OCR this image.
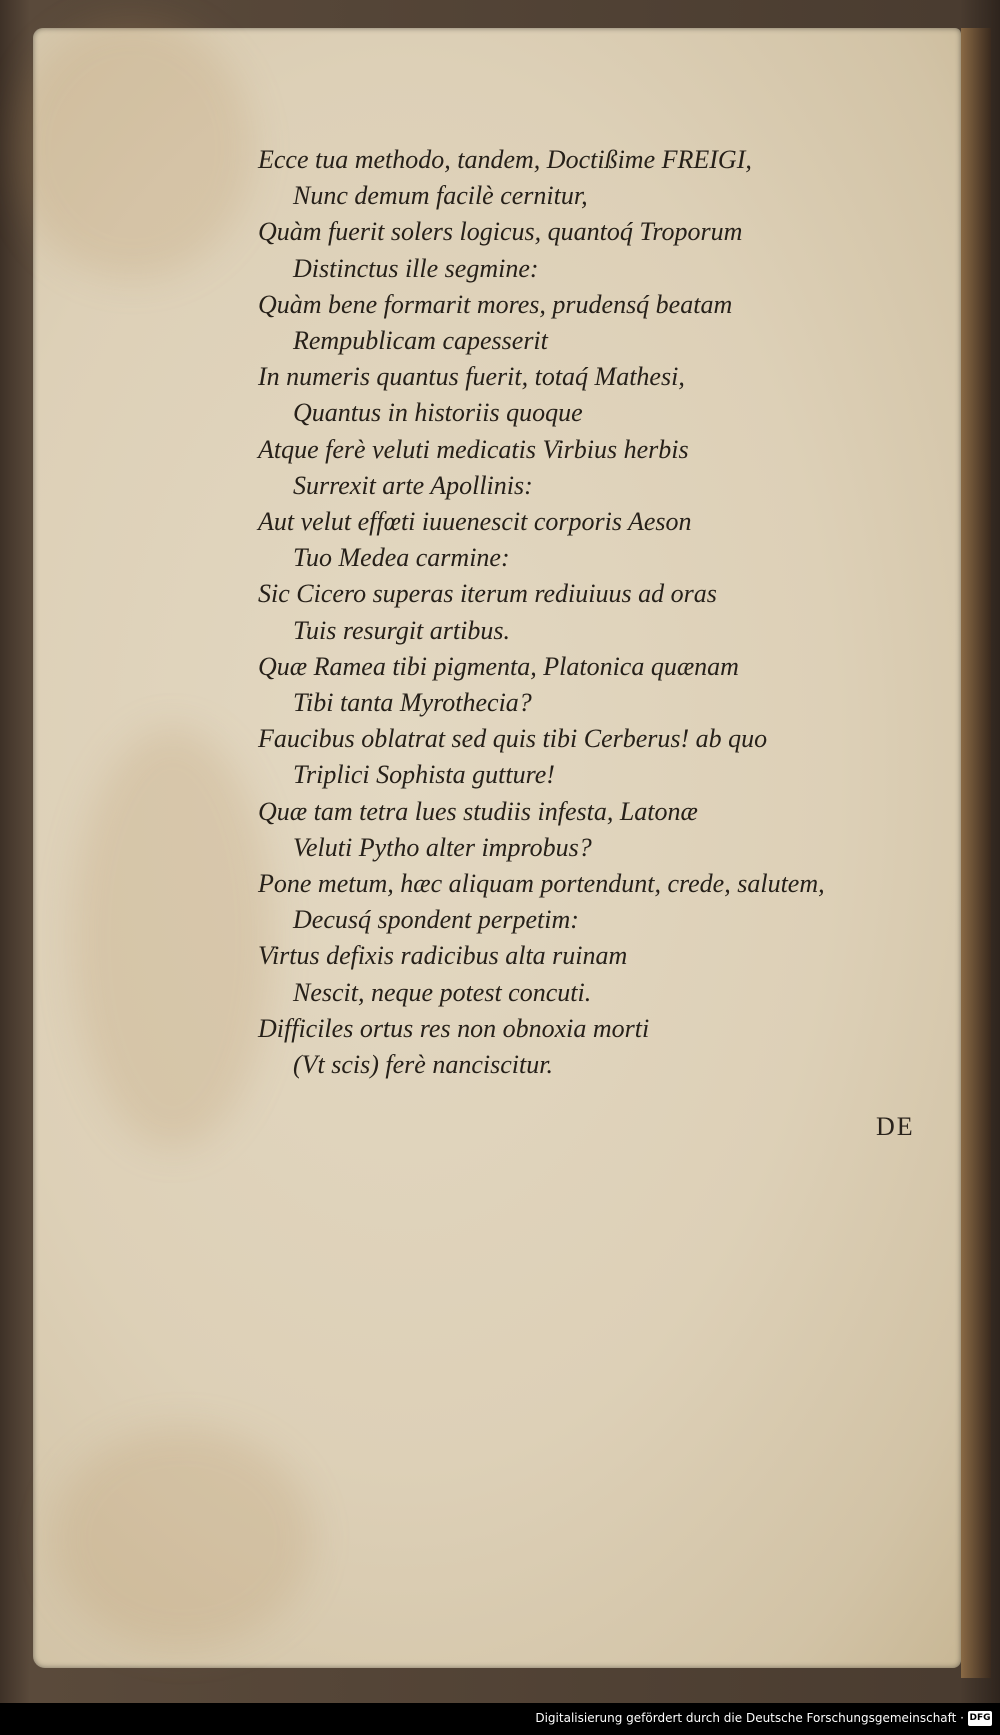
Ecce tua methodo, tandem, Doctißime FREIGI,
Nunc demum facilè cernitur,
Quàm fuerit solers logicus, quantoq́ Troporum
Distinctus ille segmine:
Quàm bene formarit mores, prudensq́ beatam
Rempublicam capesserit
In numeris quantus fuerit, totaq́ Mathesi,
Quantus in historiis quoque
Atque ferè veluti medicatis Virbius herbis
Surrexit arte Apollinis:
Aut velut effœti iuuenescit corporis Aeson
Tuo Medea carmine:
Sic Cicero superas iterum rediuiuus ad oras
Tuis resurgit artibus.
Quæ Ramea tibi pigmenta, Platonica quænam
Tibi tanta Myrothecia?
Faucibus oblatrat sed quis tibi Cerberus! ab quo
Triplici Sophista gutture!
Quæ tam tetra lues studiis infesta, Latonæ
Veluti Pytho alter improbus?
Pone metum, hæc aliquam portendunt, crede, salutem,
Decusq́ spondent perpetim:
Virtus defixis radicibus alta ruinam
Nescit, neque potest concuti.
Difficiles ortus res non obnoxia morti
(Vt scis) ferè nanciscitur.
DE
Digitalisierung gefördert durch die Deutsche Forschungsgemeinschaft · DFG
